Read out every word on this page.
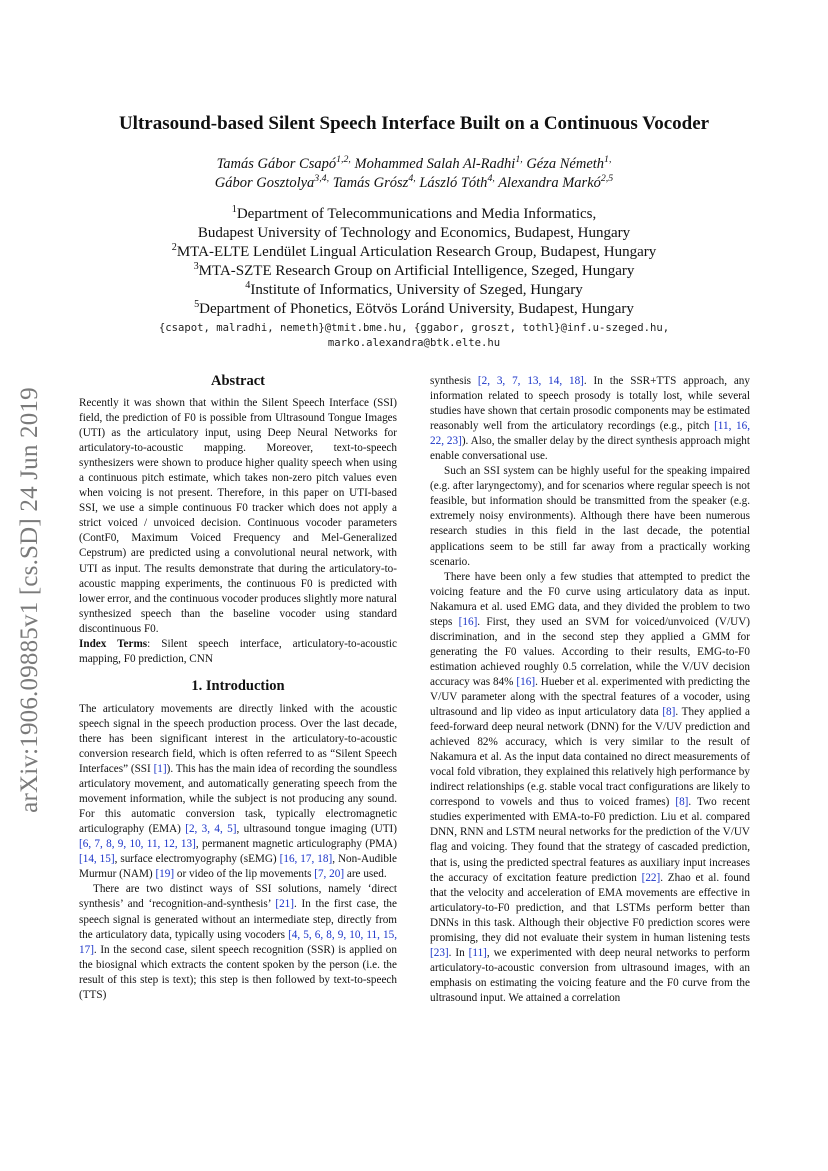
arXiv:1906.09885v1 [cs.SD] 24 Jun 2019
Ultrasound-based Silent Speech Interface Built on a Continuous Vocoder
Tamás Gábor Csapó$^{1,2,}$ Mohammed Salah Al-Radhi$^{1,}$ Géza Németh$^{1,}$
Gábor Gosztolya$^{3,4,}$ Tamás Grósz$^{4,}$ László Tóth$^{4,}$ Alexandra Markó$^{2,5}$
$^1$Department of Telecommunications and Media Informatics,
Budapest University of Technology and Economics, Budapest, Hungary
$^2$MTA-ELTE Lendület Lingual Articulation Research Group, Budapest, Hungary
$^3$MTA-SZTE Research Group on Artificial Intelligence, Szeged, Hungary
$^4$Institute of Informatics, University of Szeged, Hungary
$^5$Department of Phonetics, Eötvös Loránd University, Budapest, Hungary
{csapot, malradhi, nemeth}@tmit.bme.hu, {ggabor, groszt, tothl}@inf.u-szeged.hu,
marko.alexandra@btk.elte.hu
Abstract

Recently it was shown that within the Silent Speech Interface (SSI) field, the prediction of F0 is possible from Ultrasound Tongue Images (UTI) as the articulatory input, using Deep Neural Networks for articulatory-to-acoustic mapping. Moreover, text-to-speech synthesizers were shown to produce higher quality speech when using a continuous pitch estimate, which takes non-zero pitch values even when voicing is not present. Therefore, in this paper on UTI-based SSI, we use a simple continuous F0 tracker which does not apply a strict voiced / unvoiced decision. Continuous vocoder parameters (ContF0, Maximum Voiced Frequency and Mel-Generalized Cepstrum) are predicted using a convolutional neural network, with UTI as input. The results demonstrate that during the articulatory-to-acoustic mapping experiments, the continuous F0 is predicted with lower error, and the continuous vocoder produces slightly more natural synthesized speech than the baseline vocoder using standard discontinuous F0.

Index Terms: Silent speech interface, articulatory-to-acoustic mapping, F0 prediction, CNN

1. Introduction

The articulatory movements are directly linked with the acoustic speech signal in the speech production process. Over the last decade, there has been significant interest in the articulatory-to-acoustic conversion research field, which is often referred to as “Silent Speech Interfaces” (SSI [1]). This has the main idea of recording the soundless articulatory movement, and automatically generating speech from the movement information, while the subject is not producing any sound. For this automatic conversion task, typically electromagnetic articulography (EMA) [2, 3, 4, 5], ultrasound tongue imaging (UTI) [6, 7, 8, 9, 10, 11, 12, 13], permanent magnetic articulography (PMA) [14, 15], surface electromyography (sEMG) [16, 17, 18], Non-Audible Murmur (NAM) [19] or video of the lip movements [7, 20] are used.

There are two distinct ways of SSI solutions, namely ‘direct synthesis’ and ‘recognition-and-synthesis’ [21]. In the first case, the speech signal is generated without an intermediate step, directly from the articulatory data, typically using vocoders [4, 5, 6, 8, 9, 10, 11, 15, 17]. In the second case, silent speech recognition (SSR) is applied on the biosignal which extracts the content spoken by the person (i.e. the result of this step is text); this step is then followed by text-to-speech (TTS)

synthesis [2, 3, 7, 13, 14, 18]. In the SSR+TTS approach, any information related to speech prosody is totally lost, while several studies have shown that certain prosodic components may be estimated reasonably well from the articulatory recordings (e.g., pitch [11, 16, 22, 23]). Also, the smaller delay by the direct synthesis approach might enable conversational use.

Such an SSI system can be highly useful for the speaking impaired (e.g. after laryngectomy), and for scenarios where regular speech is not feasible, but information should be transmitted from the speaker (e.g. extremely noisy environments). Although there have been numerous research studies in this field in the last decade, the potential applications seem to be still far away from a practically working scenario.

There have been only a few studies that attempted to predict the voicing feature and the F0 curve using articulatory data as input. Nakamura et al. used EMG data, and they divided the problem to two steps [16]. First, they used an SVM for voiced/unvoiced (V/UV) discrimination, and in the second step they applied a GMM for generating the F0 values. According to their results, EMG-to-F0 estimation achieved roughly 0.5 correlation, while the V/UV decision accuracy was 84% [16]. Hueber et al. experimented with predicting the V/UV parameter along with the spectral features of a vocoder, using ultrasound and lip video as input articulatory data [8]. They applied a feed-forward deep neural network (DNN) for the V/UV prediction and achieved 82% accuracy, which is very similar to the result of Nakamura et al. As the input data contained no direct measurements of vocal fold vibration, they explained this relatively high performance by indirect relationships (e.g. stable vocal tract configurations are likely to correspond to vowels and thus to voiced frames) [8]. Two recent studies experimented with EMA-to-F0 prediction. Liu et al. compared DNN, RNN and LSTM neural networks for the prediction of the V/UV flag and voicing. They found that the strategy of cascaded prediction, that is, using the predicted spectral features as auxiliary input increases the accuracy of excitation feature prediction [22]. Zhao et al. found that the velocity and acceleration of EMA movements are effective in articulatory-to-F0 prediction, and that LSTMs perform better than DNNs in this task. Although their objective F0 prediction scores were promising, they did not evaluate their system in human listening tests [23]. In [11], we experimented with deep neural networks to perform articulatory-to-acoustic conversion from ultrasound images, with an emphasis on estimating the voicing feature and the F0 curve from the ultrasound input. We attained a correlation
